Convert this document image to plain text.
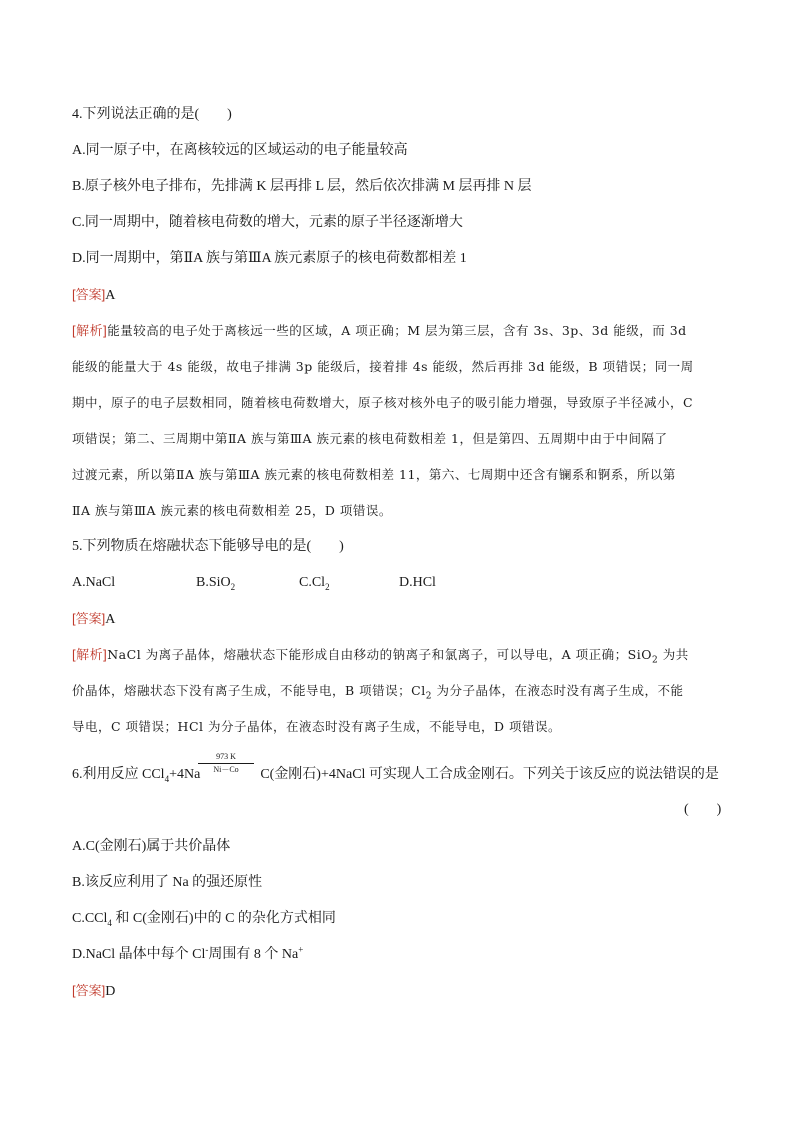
4.下列说法正确的是(  )
A.同一原子中，在离核较远的区域运动的电子能量较高
B.原子核外电子排布，先排满 K 层再排 L 层，然后依次排满 M 层再排 N 层
C.同一周期中，随着核电荷数的增大，元素的原子半径逐渐增大
D.同一周期中，第ⅡA 族与第ⅢA 族元素原子的核电荷数都相差 1
[答案]A
[解析]能量较高的电子处于离核远一些的区域，A 项正确；M 层为第三层，含有 3s、3p、3d 能级，而 3d
能级的能量大于 4s 能级，故电子排满 3p 能级后，接着排 4s 能级，然后再排 3d 能级，B 项错误；同一周
期中，原子的电子层数相同，随着核电荷数增大，原子核对核外电子的吸引能力增强，导致原子半径减小，C
项错误；第二、三周期中第ⅡA 族与第ⅢA 族元素的核电荷数相差 1，但是第四、五周期中由于中间隔了
过渡元素，所以第ⅡA 族与第ⅢA 族元素的核电荷数相差 11，第六、七周期中还含有镧系和锕系，所以第
ⅡA 族与第ⅢA 族元素的核电荷数相差 25，D 项错误。
5.下列物质在熔融状态下能够导电的是(  )
A.NaCl	B.SiO$_2$	$C.Cl_2$	D.HCl
[答案]A
[解析]NaCl 为离子晶体，熔融状态下能形成自由移动的钠离子和氯离子，可以导电，A 项正确；SiO$_2$ 为共
价晶体，熔融状态下没有离子生成，不能导电，B 项错误；$Cl_2$ 为分子晶体，在液态时没有离子生成，不能
导电，C 项错误；HCl 为分子晶体，在液态时没有离子生成，不能导电，D 项错误。
973 K
Ni－Co
6.利用反应 CCl$_4$+4Na	C(金刚石)+4NaCl 可实现人工合成金刚石。下列关于该反应的说法错误的是
(  )
A.C(金刚石)属于共价晶体
B.该反应利用了 Na 的强还原性
C.CCl$_4$ 和 C(金刚石)中的 C 的杂化方式相同
D.NaCl 晶体中每个 Cl-周围有 8 个 Na+
[答案]D
